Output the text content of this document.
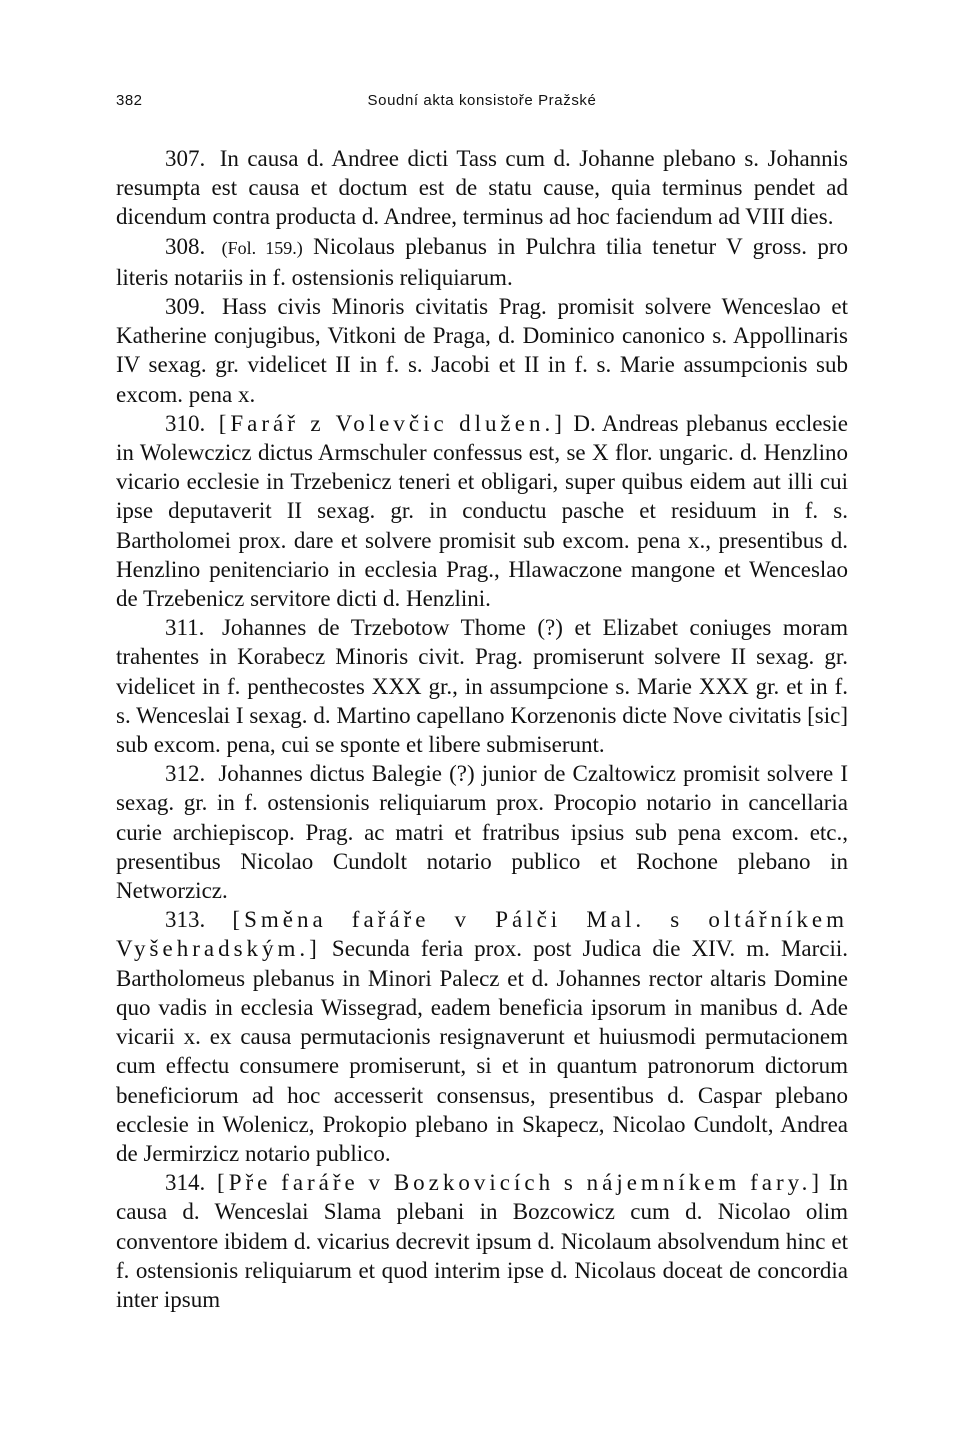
382	Soudní akta konsistoře Pražské

307. In causa d. Andree dicti Tass cum d. Johanne plebano s. Johannis resumpta est causa et doctum est de statu cause, quia terminus pendet ad dicendum contra producta d. Andree, terminus ad hoc faciendum ad VIII dies.

308. (Fol. 159.) Nicolaus plebanus in Pulchra tilia tenetur V gross. pro literis notariis in f. ostensionis reliquiarum.

309. Hass civis Minoris civitatis Prag. promisit solvere Wenceslao et Katherine conjugibus, Vitkoni de Praga, d. Dominico canonico s. Appollinaris IV sexag. gr. videlicet II in f. s. Jacobi et II in f. s. Marie assumpcionis sub excom. pena x.

310. [Farář z Volevčic dlužen.] D. Andreas plebanus ecclesie in Wolewczicz dictus Armschuler confessus est, se X flor. ungaric. d. Henzlino vicario ecclesie in Trzebenicz teneri et obligari, super quibus eidem aut illi cui ipse deputaverit II sexag. gr. in conductu pasche et residuum in f. s. Bartholomei prox. dare et solvere promisit sub excom. pena x., presentibus d. Henzlino penitenciario in ecclesia Prag., Hlawaczone mangone et Wenceslao de Trzebenicz servitore dicti d. Henzlini.

311. Johannes de Trzebotow Thome (?) et Elizabet coniuges moram trahentes in Korabecz Minoris civit. Prag. promiserunt solvere II sexag. gr. videlicet in f. penthecostes XXX gr., in assumpcione s. Marie XXX gr. et in f. s. Wenceslai I sexag. d. Martino capellano Korzenonis dicte Nove civitatis [sic] sub excom. pena, cui se sponte et libere submiserunt.

312. Johannes dictus Balegie (?) junior de Czaltowicz promisit solvere I sexag. gr. in f. ostensionis reliquiarum prox. Procopio notario in cancellaria curie archiepiscop. Prag. ac matri et fratribus ipsius sub pena excom. etc., presentibus Nicolao Cundolt notario publico et Rochone plebano in Networzicz.

313. [Směna fařáře v Pálči Mal. s oltářníkem Vyšehradským.] Secunda feria prox. post Judica die XIV. m. Marcii. Bartholomeus plebanus in Minori Palecz et d. Johannes rector altaris Domine quo vadis in ecclesia Wissegrad, eadem beneficia ipsorum in manibus d. Ade vicarii x. ex causa permutacionis resignaverunt et huiusmodi permutacionem cum effectu consumere promiserunt, si et in quantum patronorum dictorum beneficiorum ad hoc accesserit consensus, presentibus d. Caspar plebano ecclesie in Wolenicz, Prokopio plebano in Skapecz, Nicolao Cundolt, Andrea de Jermirzicz notario publico.

314. [Pře faráře v Bozkovicích s nájemníkem fary.] In causa d. Wenceslai Slama plebani in Bozcowicz cum d. Nicolao olim conventore ibidem d. vicarius decrevit ipsum d. Nicolaum absolvendum hinc et f. ostensionis reliquiarum et quod interim ipse d. Nicolaus doceat de concordia inter ipsum
